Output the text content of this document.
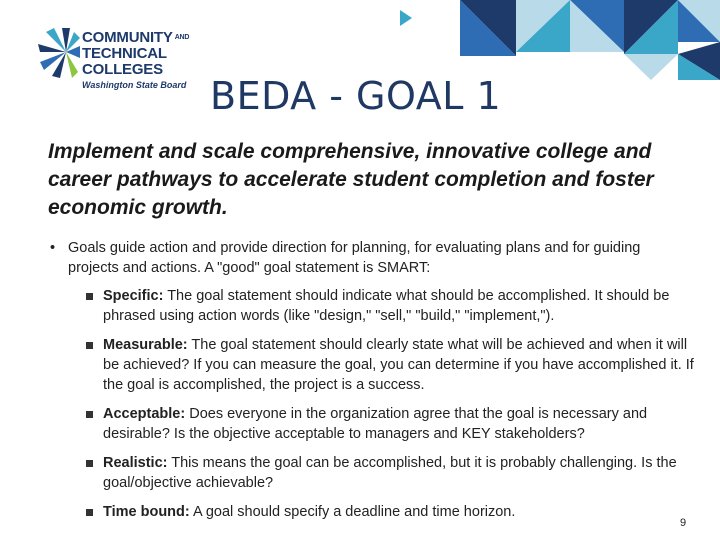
COMMUNITY $^{AND}$
TECHNICAL COLLEGES
Washington State Board BEDA - GOAL 1

Implement and scale comprehensive, innovative college and career pathways to accelerate student completion and foster economic growth.

• Goals guide action and provide direction for planning, for evaluating plans and for guiding projects and actions. A "good" goal statement is SMART:
Specific: The goal statement should indicate what should be accomplished. It should be phrased using action words (like "design," "sell," "build," "implement,").
Measurable: The goal statement should clearly state what will be achieved and when it will be achieved? If you can measure the goal, you can determine if you have accomplished it. If the goal is accomplished, the project is a success.
Acceptable: Does everyone in the organization agree that the goal is necessary and desirable? Is the objective acceptable to managers and KEY stakeholders?
Realistic: This means the goal can be accomplished, but it is probably challenging. Is the goal/objective achievable?
Time bound: A goal should specify a deadline and time horizon.
9
